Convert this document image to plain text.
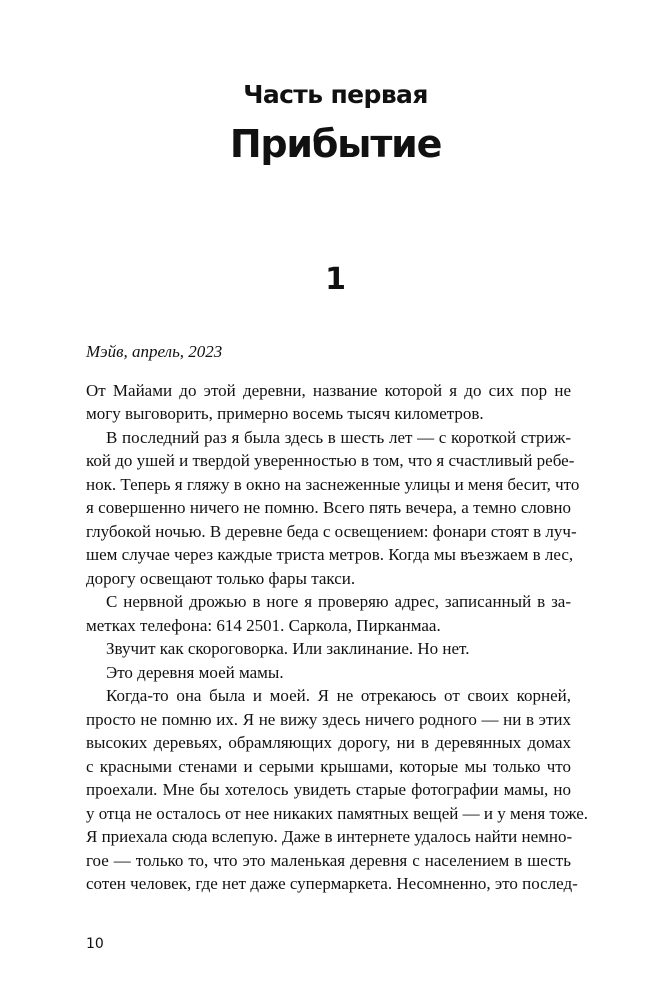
Часть первая
Прибытие
1
Мэйв, апрель, 2023
От Майами до этой деревни, название которой я до сих пор не
могу выговорить, примерно восемь тысяч километров.
В последний раз я была здесь в шесть лет — с короткой стриж-
кой до ушей и твердой уверенностью в том, что я счастливый ребе-
нок. Теперь я гляжу в окно на заснеженные улицы и меня бесит, что
я совершенно ничего не помню. Всего пять вечера, а темно словно
глубокой ночью. В деревне беда с освещением: фонари стоят в луч-
шем случае через каждые триста метров. Когда мы въезжаем в лес,
дорогу освещают только фары такси.
С нервной дрожью в ноге я проверяю адрес, записанный в за-
метках телефона: 614 2501. Саркола, Пирканмаа.
Звучит как скороговорка. Или заклинание. Но нет.
Это деревня моей мамы.
Когда-то она была и моей. Я не отрекаюсь от своих корней,
просто не помню их. Я не вижу здесь ничего родного — ни в этих
высоких деревьях, обрамляющих дорогу, ни в деревянных домах
с красными стенами и серыми крышами, которые мы только что
проехали. Мне бы хотелось увидеть старые фотографии мамы, но
у отца не осталось от нее никаких памятных вещей — и у меня тоже.
Я приехала сюда вслепую. Даже в интернете удалось найти немно-
гое — только то, что это маленькая деревня с населением в шесть
сотен человек, где нет даже супермаркета. Несомненно, это послед-
10
